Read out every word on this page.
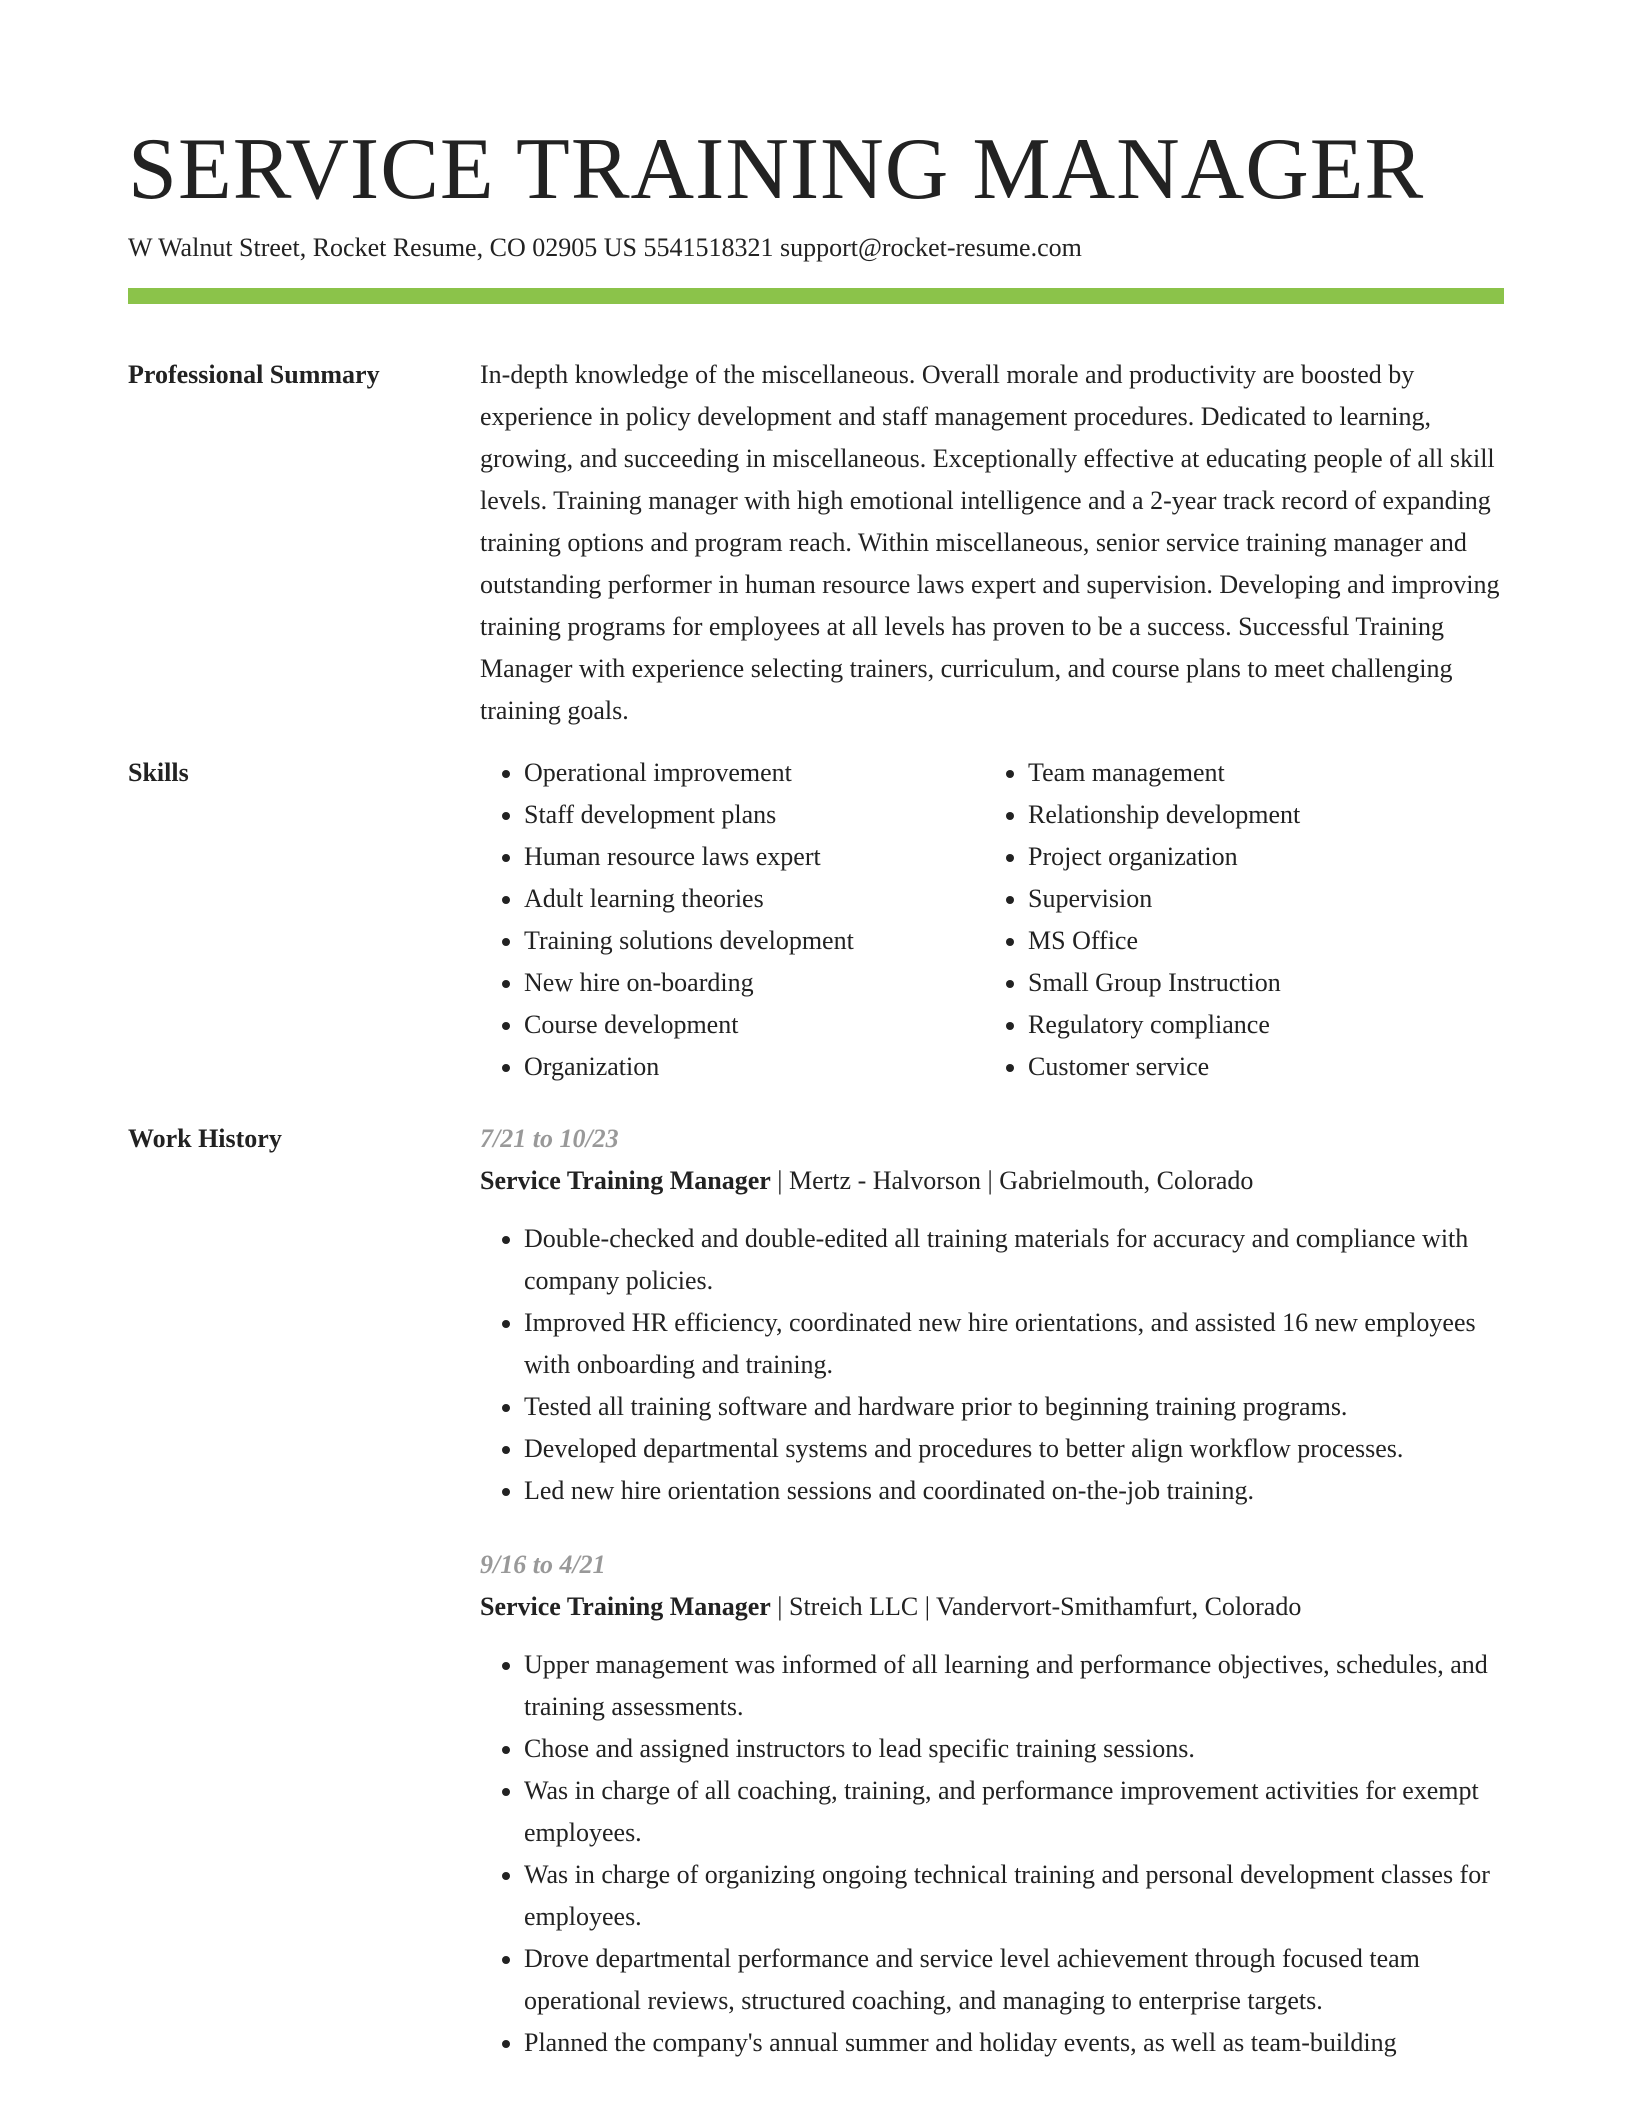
SERVICE TRAINING MANAGER
W Walnut Street, Rocket Resume, CO 02905 US 5541518321 support@rocket-resume.com
Professional Summary	In-depth knowledge of the miscellaneous. Overall morale and productivity are boosted by experience in policy development and staff management procedures. Dedicated to learning, growing, and succeeding in miscellaneous. Exceptionally effective at educating people of all skill levels. Training manager with high emotional intelligence and a 2-year track record of expanding training options and program reach. Within miscellaneous, senior service training manager and outstanding performer in human resource laws expert and supervision. Developing and improving training programs for employees at all levels has proven to be a success. Successful Training Manager with experience selecting trainers, curriculum, and course plans to meet challenging training goals.
Skills
•	Operational improvement
• Staff development plans
• Human resource laws expert
• Adult learning theories
• Training solutions development
• New hire on-boarding
• Course development
• Organization
• Team management
• Relationship development
• Project organization
• Supervision
• MS Office
• Small Group Instruction
• Regulatory compliance
• Customer service
Work History	7/21 to 10/23
Service Training Manager | Mertz - Halvorson | Gabrielmouth, Colorado
• Double-checked and double-edited all training materials for accuracy and compliance with company policies.
• Improved HR efficiency, coordinated new hire orientations, and assisted 16 new employees with onboarding and training.
• Tested all training software and hardware prior to beginning training programs.
• Developed departmental systems and procedures to better align workflow processes.
• Led new hire orientation sessions and coordinated on-the-job training.
9/16 to 4/21
Service Training Manager | Streich LLC | Vandervort-Smithamfurt, Colorado
• Upper management was informed of all learning and performance objectives, schedules, and training assessments.
• Chose and assigned instructors to lead specific training sessions.
• Was in charge of all coaching, training, and performance improvement activities for exempt employees.
• Was in charge of organizing ongoing technical training and personal development classes for employees.
• Drove departmental performance and service level achievement through focused team operational reviews, structured coaching, and managing to enterprise targets.
• Planned the company's annual summer and holiday events, as well as team-building
